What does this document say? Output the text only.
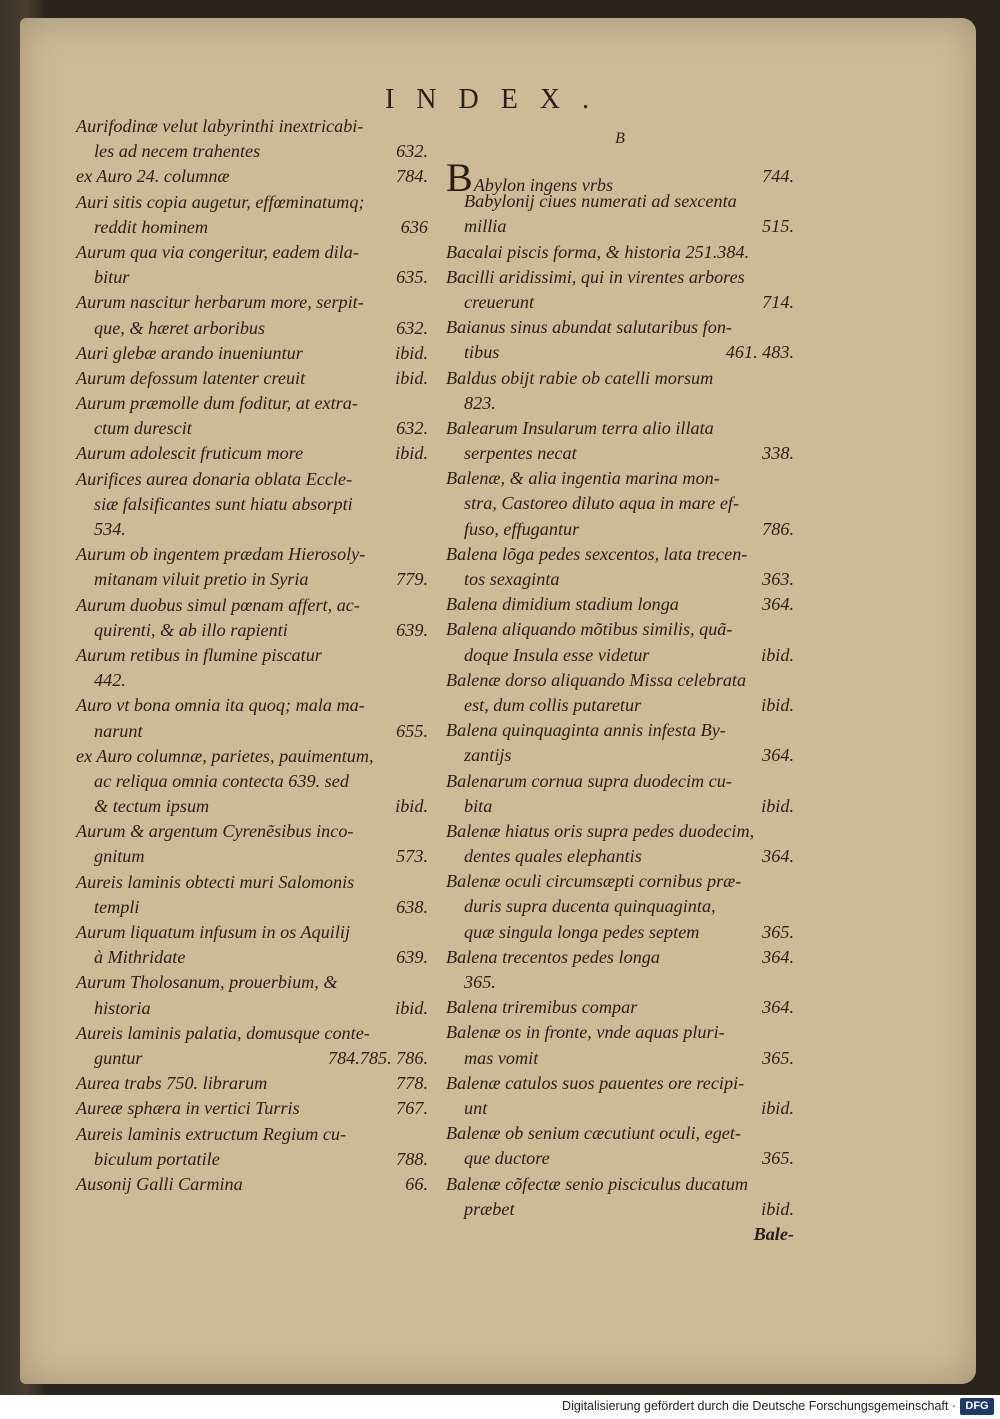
INDEX.
Aurifodinæ velut labyrinthi inextricabi-
les ad necem trahentes	632.
ex Auro 24. columnæ	784.
Auri sitis copia augetur, effœminatumq;
reddit hominem	636
Aurum qua via congeritur, eadem dila-
bitur	635.
Aurum nascitur herbarum more, serpit-
que, & hæret arboribus	632.
Auri glebæ arando inueniuntur	ibid.
Aurum defossum latenter creuit	ibid.
Aurum præmolle dum foditur, at extra-
ctum durescit	632.
Aurum adolescit fruticum more	ibid.
Aurifices aurea donaria oblata Eccle-
siæ falsificantes sunt hiatu absorpti
534.
Aurum ob ingentem prædam Hierosoly-
mitanam viluit pretio in Syria	779.
Aurum duobus simul pœnam affert, ac-
quirenti, & ab illo rapienti	639.
Aurum retibus in flumine piscatur
442.
Auro vt bona omnia ita quoq; mala ma-
narunt	655.
ex Auro columnæ, parietes, pauimentum,
ac reliqua omnia contecta 639. sed
& tectum ipsum	ibid.
Aurum & argentum Cyrenẽsibus inco-
gnitum	573.
Aureis laminis obtecti muri Salomonis
templi	638.
Aurum liquatum infusum in os Aquilij
à Mithridate	639.
Aurum Tholosanum, prouerbium, &
historia	ibid.
Aureis laminis palatia, domusque conte-
guntur	784.785. 786.
Aurea trabs 750. librarum	778.
Aureæ sphæra in vertici Turris	767.
Aureis laminis extructum Regium cu-
biculum portatile	788.
Ausonij Galli Carmina	66.
B
BAbylon ingens vrbs	744.
Babylonij ciues numerati ad sexcenta
millia	515.
Bacalai piscis forma, & historia 251.384.
Bacilli aridissimi, qui in virentes arbores
creuerunt	714.
Baianus sinus abundat salutaribus fon-
tibus	461. 483.
Baldus obijt rabie ob catelli morsum
823.
Balearum Insularum terra alio illata
serpentes necat	338.
Balenæ, & alia ingentia marina mon-
stra, Castoreo diluto aqua in mare ef-
fuso, effugantur	786.
Balena lõga pedes sexcentos, lata trecen-
tos sexaginta	363.
Balena dimidium stadium longa	364.
Balena aliquando mõtibus similis, quã-
doque Insula esse videtur	ibid.
Balenæ dorso aliquando Missa celebrata
est, dum collis putaretur	ibid.
Balena quinquaginta annis infesta By-
zantijs	364.
Balenarum cornua supra duodecim cu-
bita	ibid.
Balenæ hiatus oris supra pedes duodecim,
dentes quales elephantis	364.
Balenæ oculi circumsæpti cornibus præ-
duris supra ducenta quinquaginta,
quæ singula longa pedes septem	365.
Balena trecentos pedes longa	364.
365.
Balena triremibus compar	364.
Balenæ os in fronte, vnde aquas pluri-
mas vomit	365.
Balenæ catulos suos pauentes ore recipi-
unt	ibid.
Balenæ ob senium cæcutiunt oculi, eget-
que ductore	365.
Balenæ cõfectæ senio pisciculus ducatum
præbet	ibid.
Bale-
Digitalisierung gefördert durch die Deutsche Forschungsgemeinschaft · DFG
